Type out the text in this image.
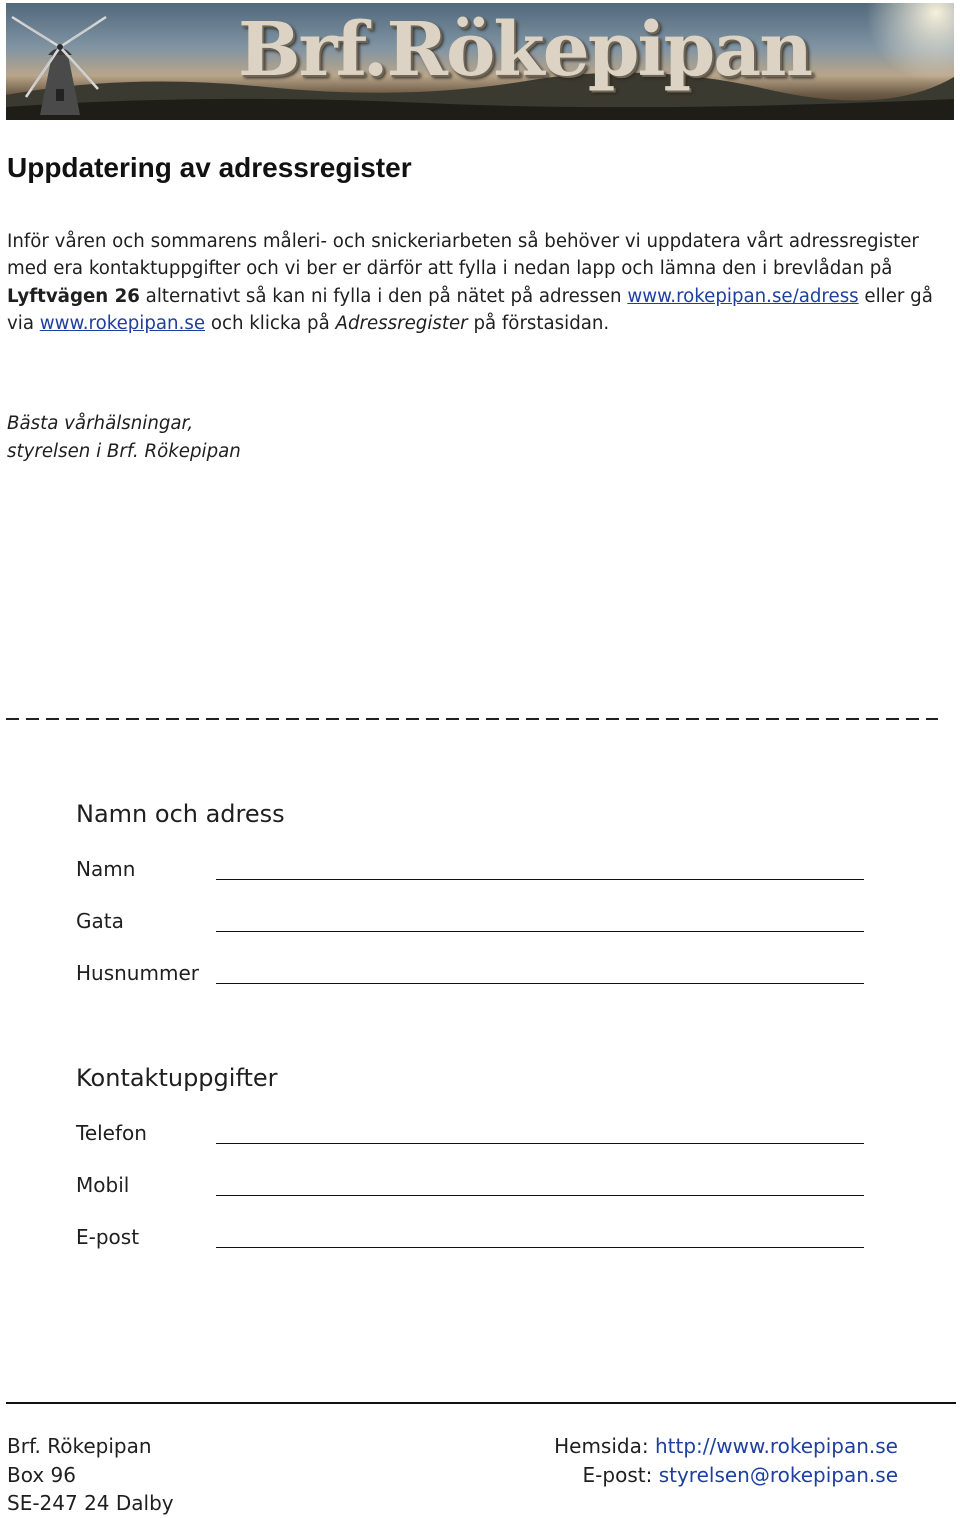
Brf.Rökepipan
Uppdatering av adressregister

Inför våren och sommarens måleri- och snickeriarbeten så behöver vi uppdatera vårt adressregister med era kontaktuppgifter och vi ber er därför att fylla i nedan lapp och lämna den i brevlådan på Lyftvägen 26 alternativt så kan ni fylla i den på nätet på adressen www.rokepipan.se/adress eller gå via www.rokepipan.se och klicka på Adressregister på förstasidan.

Bästa vårhälsningar,
styrelsen i Brf. Rökepipan
Namn och adress
Namn
Gata
Husnummer
Kontaktuppgifter
Telefon
Mobil
E-post
Brf. Rökepipan
Box 96
SE-247 24 Dalby
Hemsida: http://www.rokepipan.se
E-post: styrelsen@rokepipan.se
